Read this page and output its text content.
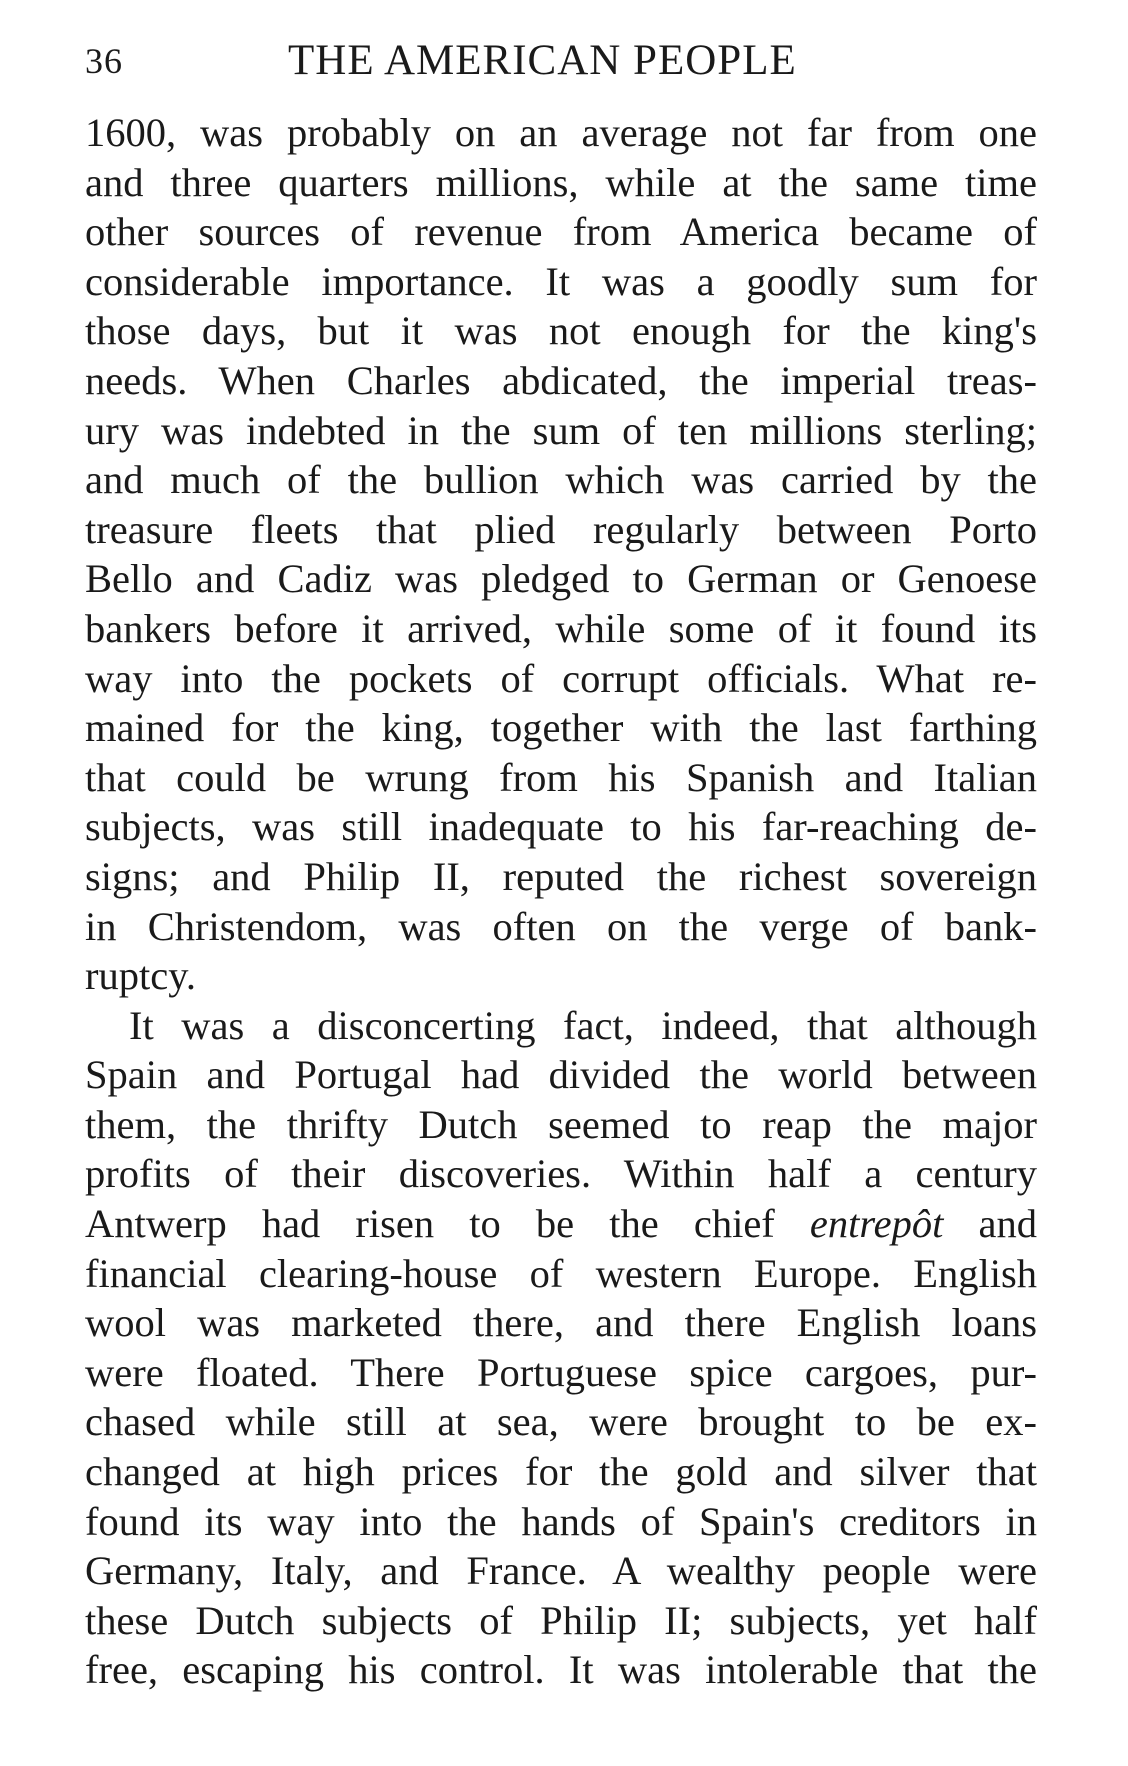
36	THE AMERICAN PEOPLE
1600, was probably on an average not far from one
and three quarters millions, while at the same time
other sources of revenue from America became of
considerable importance. It was a goodly sum for
those days, but it was not enough for the king's
needs. When Charles abdicated, the imperial treas-
ury was indebted in the sum of ten millions sterling;
and much of the bullion which was carried by the
treasure fleets that plied regularly between Porto
Bello and Cadiz was pledged to German or Genoese
bankers before it arrived, while some of it found its
way into the pockets of corrupt officials. What re-
mained for the king, together with the last farthing
that could be wrung from his Spanish and Italian
subjects, was still inadequate to his far-reaching de-
signs; and Philip II, reputed the richest sovereign
in Christendom, was often on the verge of bank-
ruptcy.
It was a disconcerting fact, indeed, that although
Spain and Portugal had divided the world between
them, the thrifty Dutch seemed to reap the major
profits of their discoveries. Within half a century
Antwerp had risen to be the chief entrepôt and
financial clearing-house of western Europe. English
wool was marketed there, and there English loans
were floated. There Portuguese spice cargoes, pur-
chased while still at sea, were brought to be ex-
changed at high prices for the gold and silver that
found its way into the hands of Spain's creditors in
Germany, Italy, and France. A wealthy people were
these Dutch subjects of Philip II; subjects, yet half
free, escaping his control. It was intolerable that the
